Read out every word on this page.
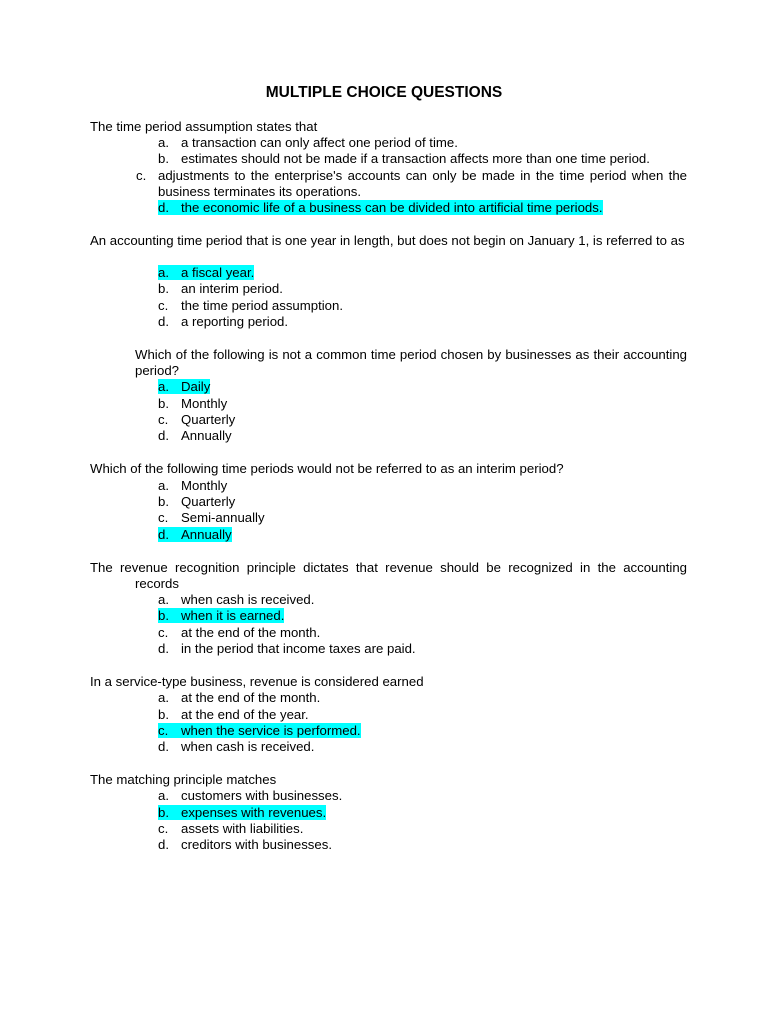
MULTIPLE CHOICE QUESTIONS
The time period assumption states that
a. a transaction can only affect one period of time.
b. estimates should not be made if a transaction affects more than one time period.
c. adjustments to the enterprise's accounts can only be made in the time period when the business terminates its operations.
d. the economic life of a business can be divided into artificial time periods.
An accounting time period that is one year in length, but does not begin on January 1, is referred to as
a. a fiscal year.
b. an interim period.
c. the time period assumption.
d. a reporting period.
Which of the following is not a common time period chosen by businesses as their accounting period?
a. Daily
b. Monthly
c. Quarterly
d. Annually
Which of the following time periods would not be referred to as an interim period?
a. Monthly
b. Quarterly
c. Semi-annually
d. Annually
The revenue recognition principle dictates that revenue should be recognized in the accounting records
a. when cash is received.
b. when it is earned.
c. at the end of the month.
d. in the period that income taxes are paid.
In a service-type business, revenue is considered earned
a. at the end of the month.
b. at the end of the year.
c. when the service is performed.
d. when cash is received.
The matching principle matches
a. customers with businesses.
b. expenses with revenues.
c. assets with liabilities.
d. creditors with businesses.
